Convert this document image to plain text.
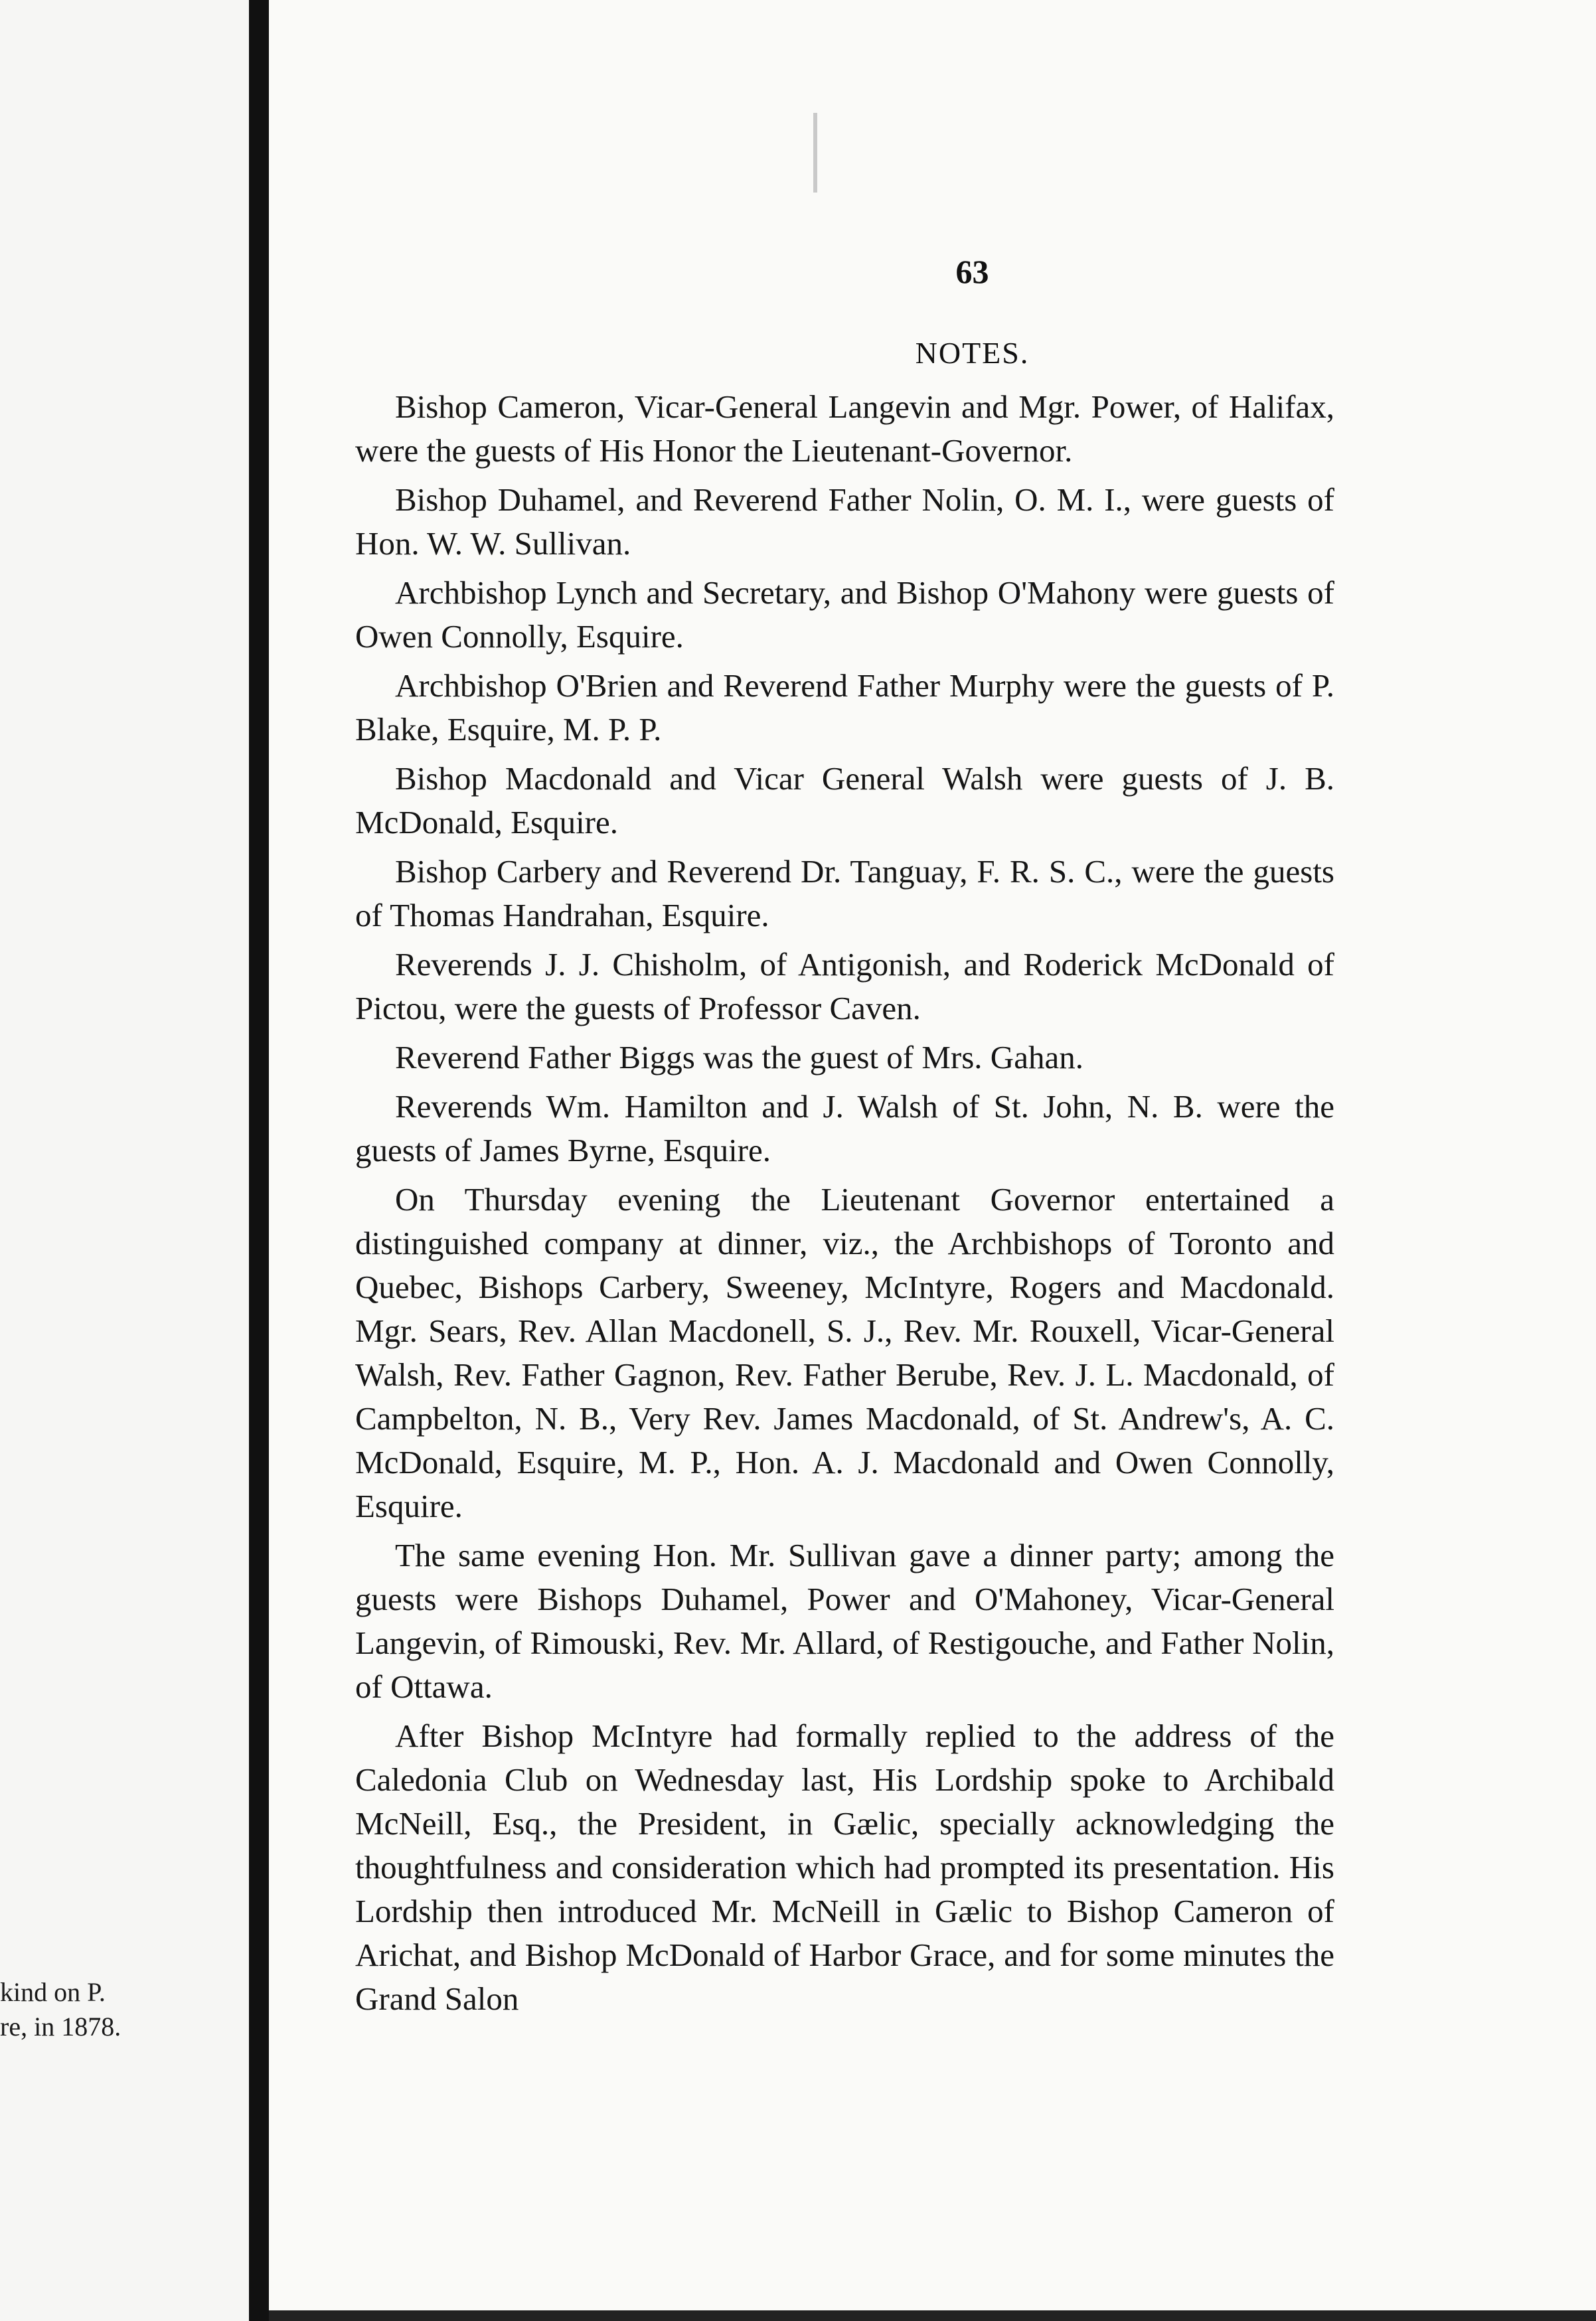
kind on P.
re, in 1878.
63
NOTES.

Bishop Cameron, Vicar-General Langevin and Mgr. Power, of Halifax, were the guests of His Honor the Lieutenant-Governor.

Bishop Duhamel, and Reverend Father Nolin, O. M. I., were guests of Hon. W. W. Sullivan.

Archbishop Lynch and Secretary, and Bishop O'Mahony were guests of Owen Connolly, Esquire.

Archbishop O'Brien and Reverend Father Murphy were the guests of P. Blake, Esquire, M. P. P.

Bishop Macdonald and Vicar General Walsh were guests of J. B. McDonald, Esquire.

Bishop Carbery and Reverend Dr. Tanguay, F. R. S. C., were the guests of Thomas Handrahan, Esquire.

Reverends J. J. Chisholm, of Antigonish, and Roderick McDonald of Pictou, were the guests of Professor Caven.

Reverend Father Biggs was the guest of Mrs. Gahan.

Reverends Wm. Hamilton and J. Walsh of St. John, N. B. were the guests of James Byrne, Esquire.

On Thursday evening the Lieutenant Governor entertained a distinguished company at dinner, viz., the Archbishops of Toronto and Quebec, Bishops Carbery, Sweeney, McIntyre, Rogers and Macdonald. Mgr. Sears, Rev. Allan Macdonell, S. J., Rev. Mr. Rouxell, Vicar-General Walsh, Rev. Father Gagnon, Rev. Father Berube, Rev. J. L. Macdonald, of Campbelton, N. B., Very Rev. James Macdonald, of St. Andrew's, A. C. McDonald, Esquire, M. P., Hon. A. J. Macdonald and Owen Connolly, Esquire.

The same evening Hon. Mr. Sullivan gave a dinner party; among the guests were Bishops Duhamel, Power and O'Mahoney, Vicar-General Langevin, of Rimouski, Rev. Mr. Allard, of Restigouche, and Father Nolin, of Ottawa.

After Bishop McIntyre had formally replied to the address of the Caledonia Club on Wednesday last, His Lordship spoke to Archibald McNeill, Esq., the President, in Gælic, specially acknowledging the thoughtfulness and consideration which had prompted its presentation. His Lordship then introduced Mr. McNeill in Gælic to Bishop Cameron of Arichat, and Bishop McDonald of Harbor Grace, and for some minutes the Grand Salon
